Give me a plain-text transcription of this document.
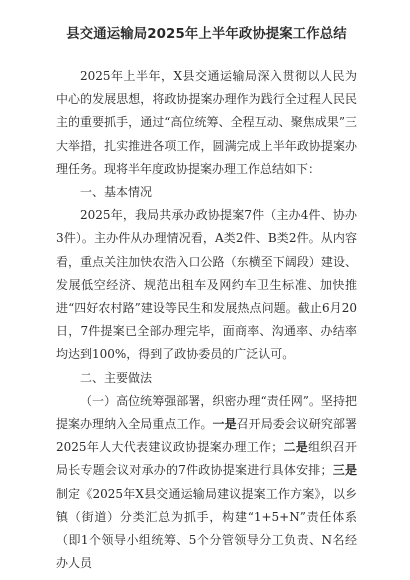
县交通运输局2025年上半年政协提案工作总结

2025年上半年，X县交通运输局深入贯彻以人民为中心的发展思想，将政协提案办理作为践行全过程人民民主的重要抓手，通过“高位统筹、全程互动、聚焦成果”三大举措，扎实推进各项工作，圆满完成上半年政协提案办理任务。现将半年度政协提案办理工作总结如下：

一、基本情况

2025年，我局共承办政协提案7件（主办4件、协办3件）。主办件从办理情况看，A类2件、B类2件。从内容看，重点关注加快农浩入口公路（东横至下阔段）建设、发展低空经济、规范出租车及网约车卫生标准、加快推进“四好农村路”建设等民生和发展热点问题。截止6月20日，7件提案已全部办理完毕，面商率、沟通率、办结率均达到100%，得到了政协委员的广泛认可。

二、主要做法

（一）高位统筹强部署，织密办理“责任网”。坚持把提案办理纳入全局重点工作。一是召开局委会议研究部署2025年人大代表建议政协提案办理工作；二是组织召开局长专题会议对承办的7件政协提案进行具体安排；三是制定《2025年X县交通运输局建议提案工作方案》，以乡镇（街道）分类汇总为抓手，构建“1+5+N”责任体系（即1个领导小组统筹、5个分管领导分工负责、N名经办人员
